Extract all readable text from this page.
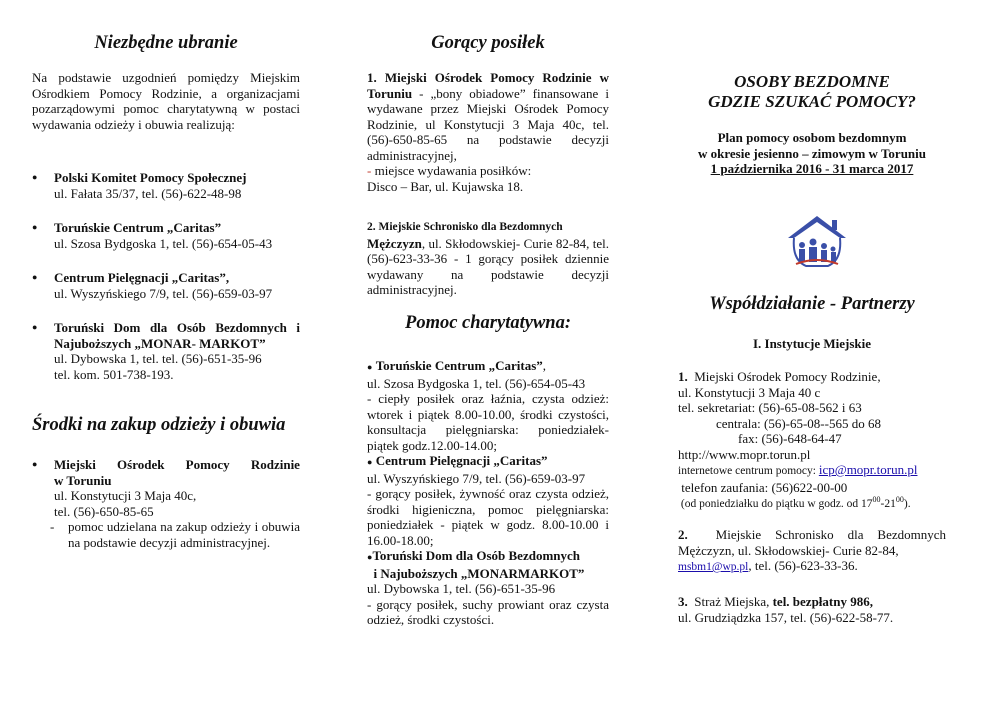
Niezbędne ubranie

Na podstawie uzgodnień pomiędzy Miejskim Ośrodkiem Pomocy Rodzinie, a organizacjami pozarządowymi pomoc charytatywną w postaci wydawania odzieży i obuwia realizują:

● Polski Komitet Pomocy Społecznej
ul. Fałata 35/37, tel. (56)-622-48-98
● Toruńskie Centrum „Caritas”
ul. Szosa Bydgoska 1, tel. (56)-654-05-43
● Centrum Pielęgnacji „Caritas”,
ul. Wyszyńskiego 7/9, tel. (56)-659-03-97
● Toruński Dom dla Osób Bezdomnych i Najuboższych „MONAR- MARKOT”
ul. Dybowska 1, tel. tel. (56)-651-35-96
tel. kom. 501-738-193.
Środki na zakup odzieży i obuwia
● Miejski Ośrodek Pomocy Rodzinie
w Toruniu
ul. Konstytucji 3 Maja 40c,
tel. (56)-650-85-65
- pomoc udzielana na zakup odzieży i obuwia na podstawie decyzji administracyjnej.
Gorący posiłek

1. Miejski Ośrodek Pomocy Rodzinie w Toruniu - „bony obiadowe” finansowane i wydawane przez Miejski Ośrodek Pomocy Rodzinie, ul Konstytucji 3 Maja 40c, tel. (56)-650-85-65 na podstawie decyzji administracyjnej,
- miejsce wydawania posiłków:
Disco – Bar, ul. Kujawska 18.

2. Miejskie Schronisko dla Bezdomnych
Mężczyzn, ul. Skłodowskiej- Curie 82-84, tel. (56)-623-33-36 - 1 gorący posiłek dziennie wydawany na podstawie decyzji administracyjnej.

Pomoc charytatywna:
● Toruńskie Centrum „Caritas”,
ul. Szosa Bydgoska 1, tel. (56)-654-05-43
- ciepły posiłek oraz łaźnia, czysta odzież: wtorek i piątek 8.00-10.00, środki czystości, konsultacja pielęgniarska: poniedziałek- piątek godz.12.00-14.00;
● Centrum Pielęgnacji „Caritas”
ul. Wyszyńskiego 7/9, tel. (56)-659-03-97
- gorący posiłek, żywność oraz czysta odzież, środki higieniczna, pomoc pielęgniarska: poniedziałek - piątek w godz. 8.00-10.00 i 16.00-18.00;
●Toruński Dom dla Osób Bezdomnych
i Najuboższych „MONARMARKOT”
ul. Dybowska 1, tel. (56)-651-35-96
- gorący posiłek, suchy prowiant oraz czysta odzież, środki czystości.
OSOBY BEZDOMNE
GDZIE SZUKAĆ POMOCY?
Plan pomocy osobom bezdomnym
w okresie jesienno – zimowym w Toruniu
1 października 2016 - 31 marca 2017
Współdziałanie - Partnerzy
I. Instytucje Miejskie
1. Miejski Ośrodek Pomocy Rodzinie,
ul. Konstytucji 3 Maja 40 c
tel. sekretariat: (56)-65-08-562 i 63
centrala: (56)-65-08--565 do 68
fax: (56)-648-64-47
http://www.mopr.torun.pl
internetowe centrum pomocy: icp@mopr.torun.pl
telefon zaufania: (56)622-00-00
(od poniedziałku do piątku w godz. od $17^{00}-21^{00}$).
2. Miejskie Schronisko dla Bezdomnych Mężczyzn, ul. Skłodowskiej- Curie 82-84,
msbm1@wp.pl, tel. (56)-623-33-36.
3. Straż Miejska, tel. bezpłatny 986,
ul. Grudziądzka 157, tel. (56)-622-58-77.
